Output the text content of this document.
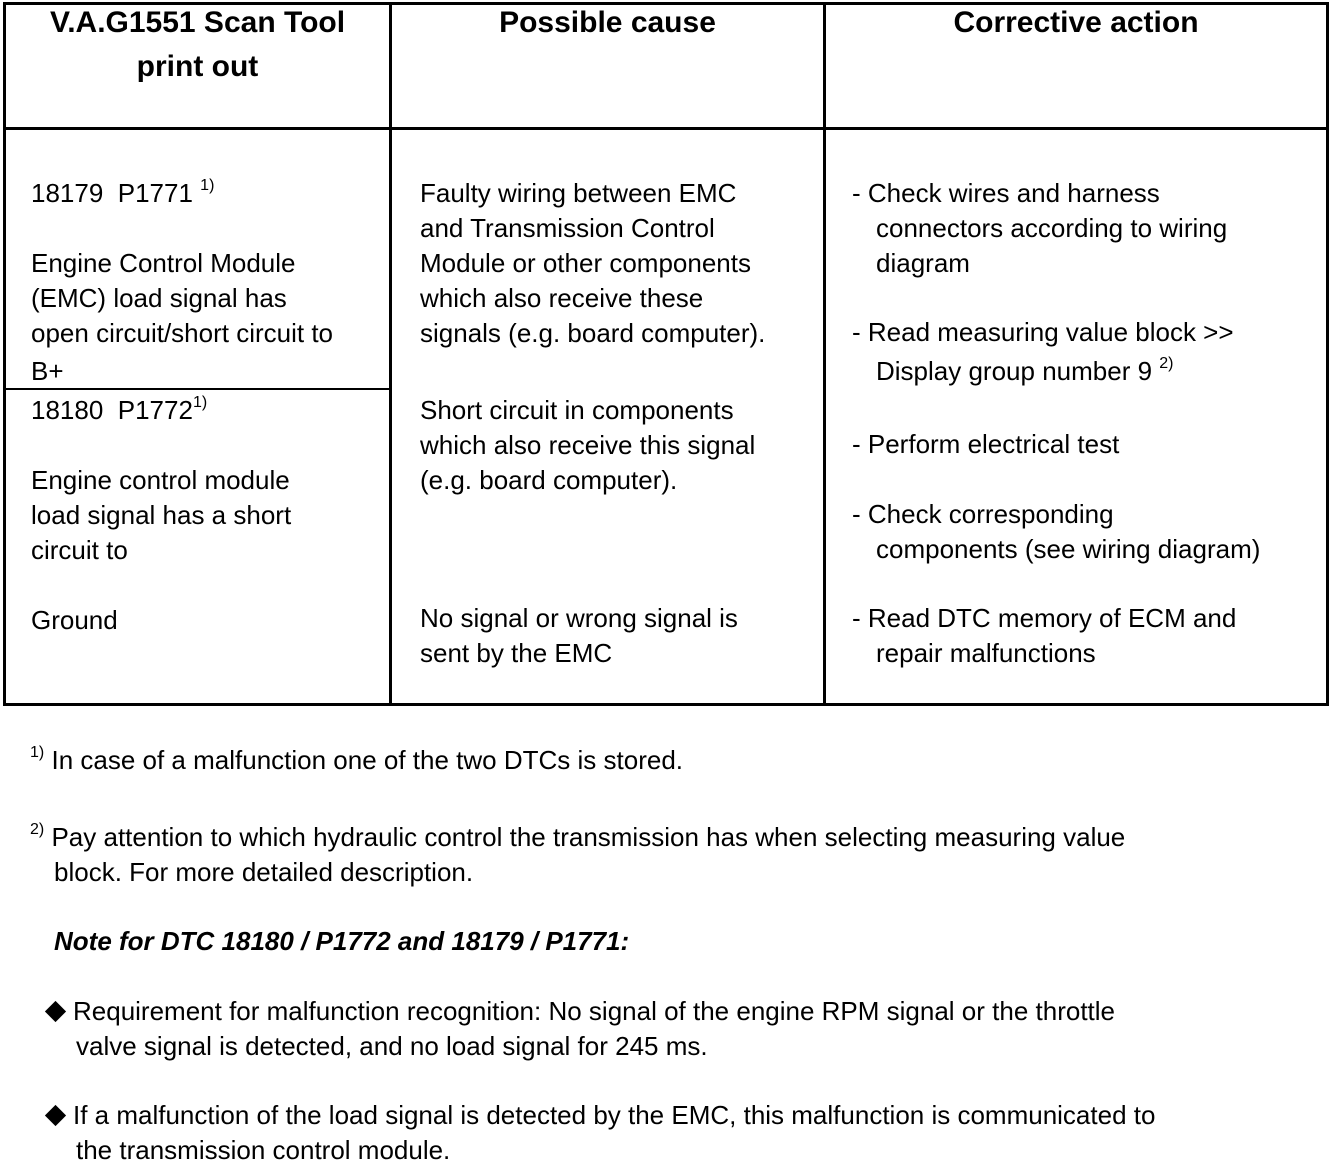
V.A.G1551 Scan Tool
print out
Possible cause	Corrective action
18179  P1771 $^{1)}$

Engine Control Module
(EMC) load signal has
open circuit/short circuit to
B+
18180  P1772$^{1)}$

Engine control module
load signal has a short
circuit to

Ground
Faulty wiring between EMC
and Transmission Control
Module or other components
which also receive these
signals (e.g. board computer).
Short circuit in components
which also receive this signal
(e.g. board computer).
No signal or wrong signal is
sent by the EMC
- Check wires and harness
connectors according to wiring
diagram
- Read measuring value block >>
Display group number 9 $^{2)}$
- Perform electrical test
- Check corresponding
components (see wiring diagram)
- Read DTC memory of ECM and
repair malfunctions
$^{1)}$ In case of a malfunction one of the two DTCs is stored.
$^{2)}$ Pay attention to which hydraulic control the transmission has when selecting measuring value
block. For more detailed description.
Note for DTC 18180 / P1772 and 18179 / P1771:
Requirement for malfunction recognition: No signal of the engine RPM signal or the throttle
valve signal is detected, and no load signal for 245 ms.
If a malfunction of the load signal is detected by the EMC, this malfunction is communicated to
the transmission control module.
